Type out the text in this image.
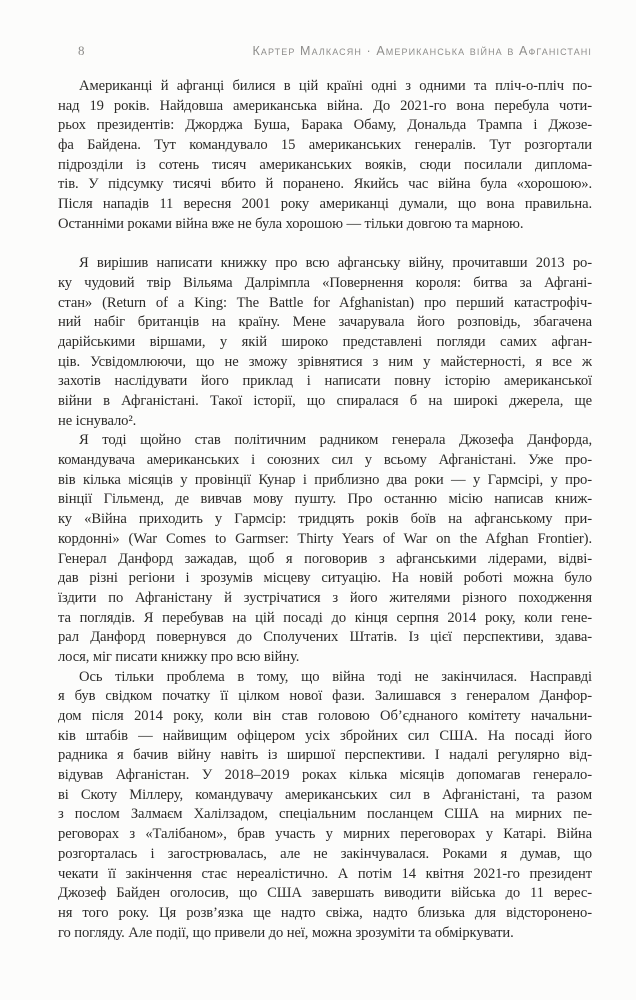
8	Картер Малкасян · Американська війна в Афганістані
Американці й афганці билися в цій країні одні з одними та пліч-о-пліч по-
над 19 років. Найдовша американська війна. До 2021-го вона перебула чоти-
рьох президентів: Джорджа Буша, Барака Обаму, Дональда Трампа і Джозе-
фа Байдена. Тут командувало 15 американських генералів. Тут розгортали
підрозділи із сотень тисяч американських вояків, сюди посилали диплома-
тів. У підсумку тисячі вбито й поранено. Якийсь час війна була «хорошою».
Після нападів 11 вересня 2001 року американці думали, що вона правильна.
Останніми роками війна вже не була хорошою — тільки довгою та марною.
Я вирішив написати книжку про всю афганську війну, прочитавши 2013 ро-
ку чудовий твір Вільяма Далрімпла «Повернення короля: битва за Афгані-
стан» (Return of a King: The Battle for Afghanistan) про перший катастрофіч-
ний набіг британців на країну. Мене зачарувала його розповідь, збагачена
дарійськими віршами, у якій широко представлені погляди самих афган-
ців. Усвідомлюючи, що не зможу зрівнятися з ним у майстерності, я все ж
захотів наслідувати його приклад і написати повну історію американської
війни в Афганістані. Такої історії, що спиралася б на широкі джерела, ще
не існувало².
Я тоді щойно став політичним радником генерала Джозефа Данфорда,
командувача американських і союзних сил у всьому Афганістані. Уже про-
вів кілька місяців у провінції Кунар і приблизно два роки — у Гармсірі, у про-
вінції Гільменд, де вивчав мову пушту. Про останню місію написав книж-
ку «Війна приходить у Гармсір: тридцять років боїв на афганському при-
кордонні» (War Comes to Garmser: Thirty Years of War on the Afghan Frontier).
Генерал Данфорд зажадав, щоб я поговорив з афганськими лідерами, відві-
дав різні регіони і зрозумів місцеву ситуацію. На новій роботі можна було
їздити по Афганістану й зустрічатися з його жителями різного походження
та поглядів. Я перебував на цій посаді до кінця серпня 2014 року, коли гене-
рал Данфорд повернувся до Сполучених Штатів. Із цієї перспективи, здава-
лося, міг писати книжку про всю війну.
Ось тільки проблема в тому, що війна тоді не закінчилася. Насправді
я був свідком початку її цілком нової фази. Залишався з генералом Данфор-
дом після 2014 року, коли він став головою Об’єднаного комітету начальни-
ків штабів — найвищим офіцером усіх збройних сил США. На посаді його
радника я бачив війну навіть із ширшої перспективи. І надалі регулярно від-
відував Афганістан. У 2018–2019 роках кілька місяців допомагав генерало-
ві Скоту Міллеру, командувачу американських сил в Афганістані, та разом
з послом Залмаєм Халілзадом, спеціальним посланцем США на мирних пе-
реговорах з «Талібаном», брав участь у мирних переговорах у Катарі. Війна
розгорталась і загострювалась, але не закінчувалася. Роками я думав, що
чекати її закінчення стає нереалістично. А потім 14 квітня 2021-го президент
Джозеф Байден оголосив, що США завершать виводити війська до 11 верес-
ня того року. Ця розв’язка ще надто свіжа, надто близька для відсторонено-
го погляду. Але події, що привели до неї, можна зрозуміти та обміркувати.
